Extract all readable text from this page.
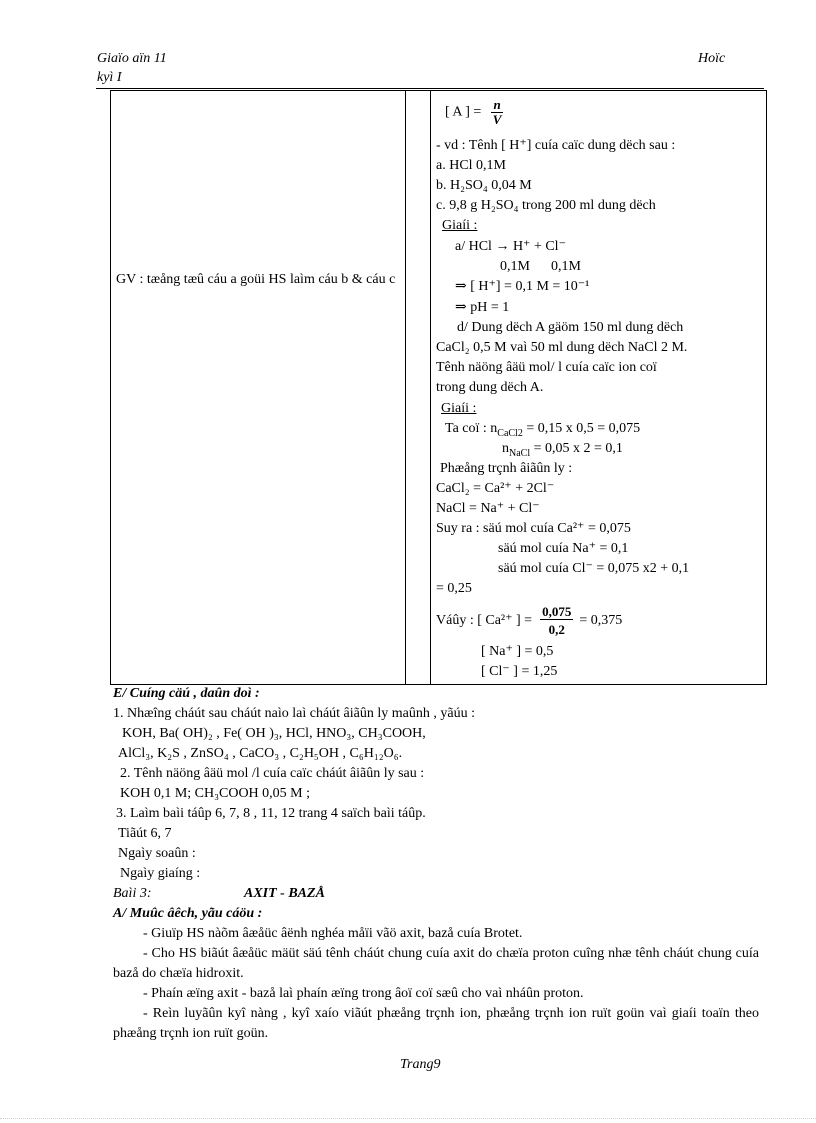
Giaïo aïn 11
kyì I
Hoïc
GV : tæång tæû cáu a goüi HS laìm cáu b & cáu c
[ A ] = $\frac{n}{V}$
- vd : Tênh [ H⁺] cuía caïc dung dëch sau :
a. HCl 0,1M
b. H₂SO₄ 0,04 M
c. 9,8 g H₂SO₄ trong 200 ml dung dëch
Giaíi :
a/ HCl → H⁺ + Cl⁻
0,1M      0,1M
⇒ [ H⁺] = 0,1 M = 10⁻¹
⇒ pH = 1
d/ Dung dëch A gäöm 150 ml dung dëch
CaCl₂ 0,5 M vaì 50 ml dung dëch NaCl 2 M.
Tênh näöng âäü mol/ l cuía caïc ion coï
trong dung dëch A.
Giaíi :
Ta coï : $n_{CaCl2} = 0,15$ x 0,5 = 0,075
$n_{NaCl} = 0,05$ x 2 = 0,1
Phæång trçnh âiãûn ly :
CaCl₂ = Ca²⁺ + 2Cl⁻
NaCl = Na⁺ + Cl⁻
Suy ra : säú mol cuía Ca²⁺ = 0,075
säú mol cuía Na⁺ = 0,1
säú mol cuía Cl⁻ = 0,075 x2 + 0,1
= 0,25
Váûy : [ Ca²⁺ ] = $\frac{0,075}{0,2} = 0,375$
[ Na⁺ ] = 0,5
[ Cl⁻ ] = 1,25
E/ Cuíng cäú , daûn doì :
1. Nhæîng cháút sau cháút naìo laì cháút âiãûn ly maûnh , yãúu :
KOH, Ba( OH)₂ , Fe( OH )₃, HCl, HNO₃, CH₃COOH,
AlCl₃, K₂S , ZnSO₄ , CaCO₃ , C₂H₅OH , C₆H₁₂O₆.
2. Tênh näöng âäü mol /l cuía caïc cháút âiãûn ly sau :
KOH 0,1 M; CH₃COOH 0,05 M ;
3. Laìm baìi táûp 6, 7, 8 , 11, 12 trang 4 saïch baìi táûp.
Tiãút 6, 7
Ngaìy soaûn :
Ngaìy giaíng :
Baìi 3:	AXIT - BAZÅ
A/ Muûc âêch, yãu cáöu :
- Giuïp HS nàõm âæåüc âënh nghéa måïi vãö axit, bazå cuía Brotet.
- Cho HS biãút âæåüc mäüt säú tênh cháút chung cuía axit do chæïa proton cuîng nhæ tênh cháút chung cuía bazå do chæïa hidroxit.
- Phaín æïng axit - bazå laì phaín æïng trong âoï coï sæû cho vaì nháûn proton.
- Reìn luyãûn kyî nàng , kyî xaío viãút phæång trçnh ion, phæång trçnh ion ruït goün vaì giaíi toaïn theo phæång trçnh ion ruït goün.
Trang9
